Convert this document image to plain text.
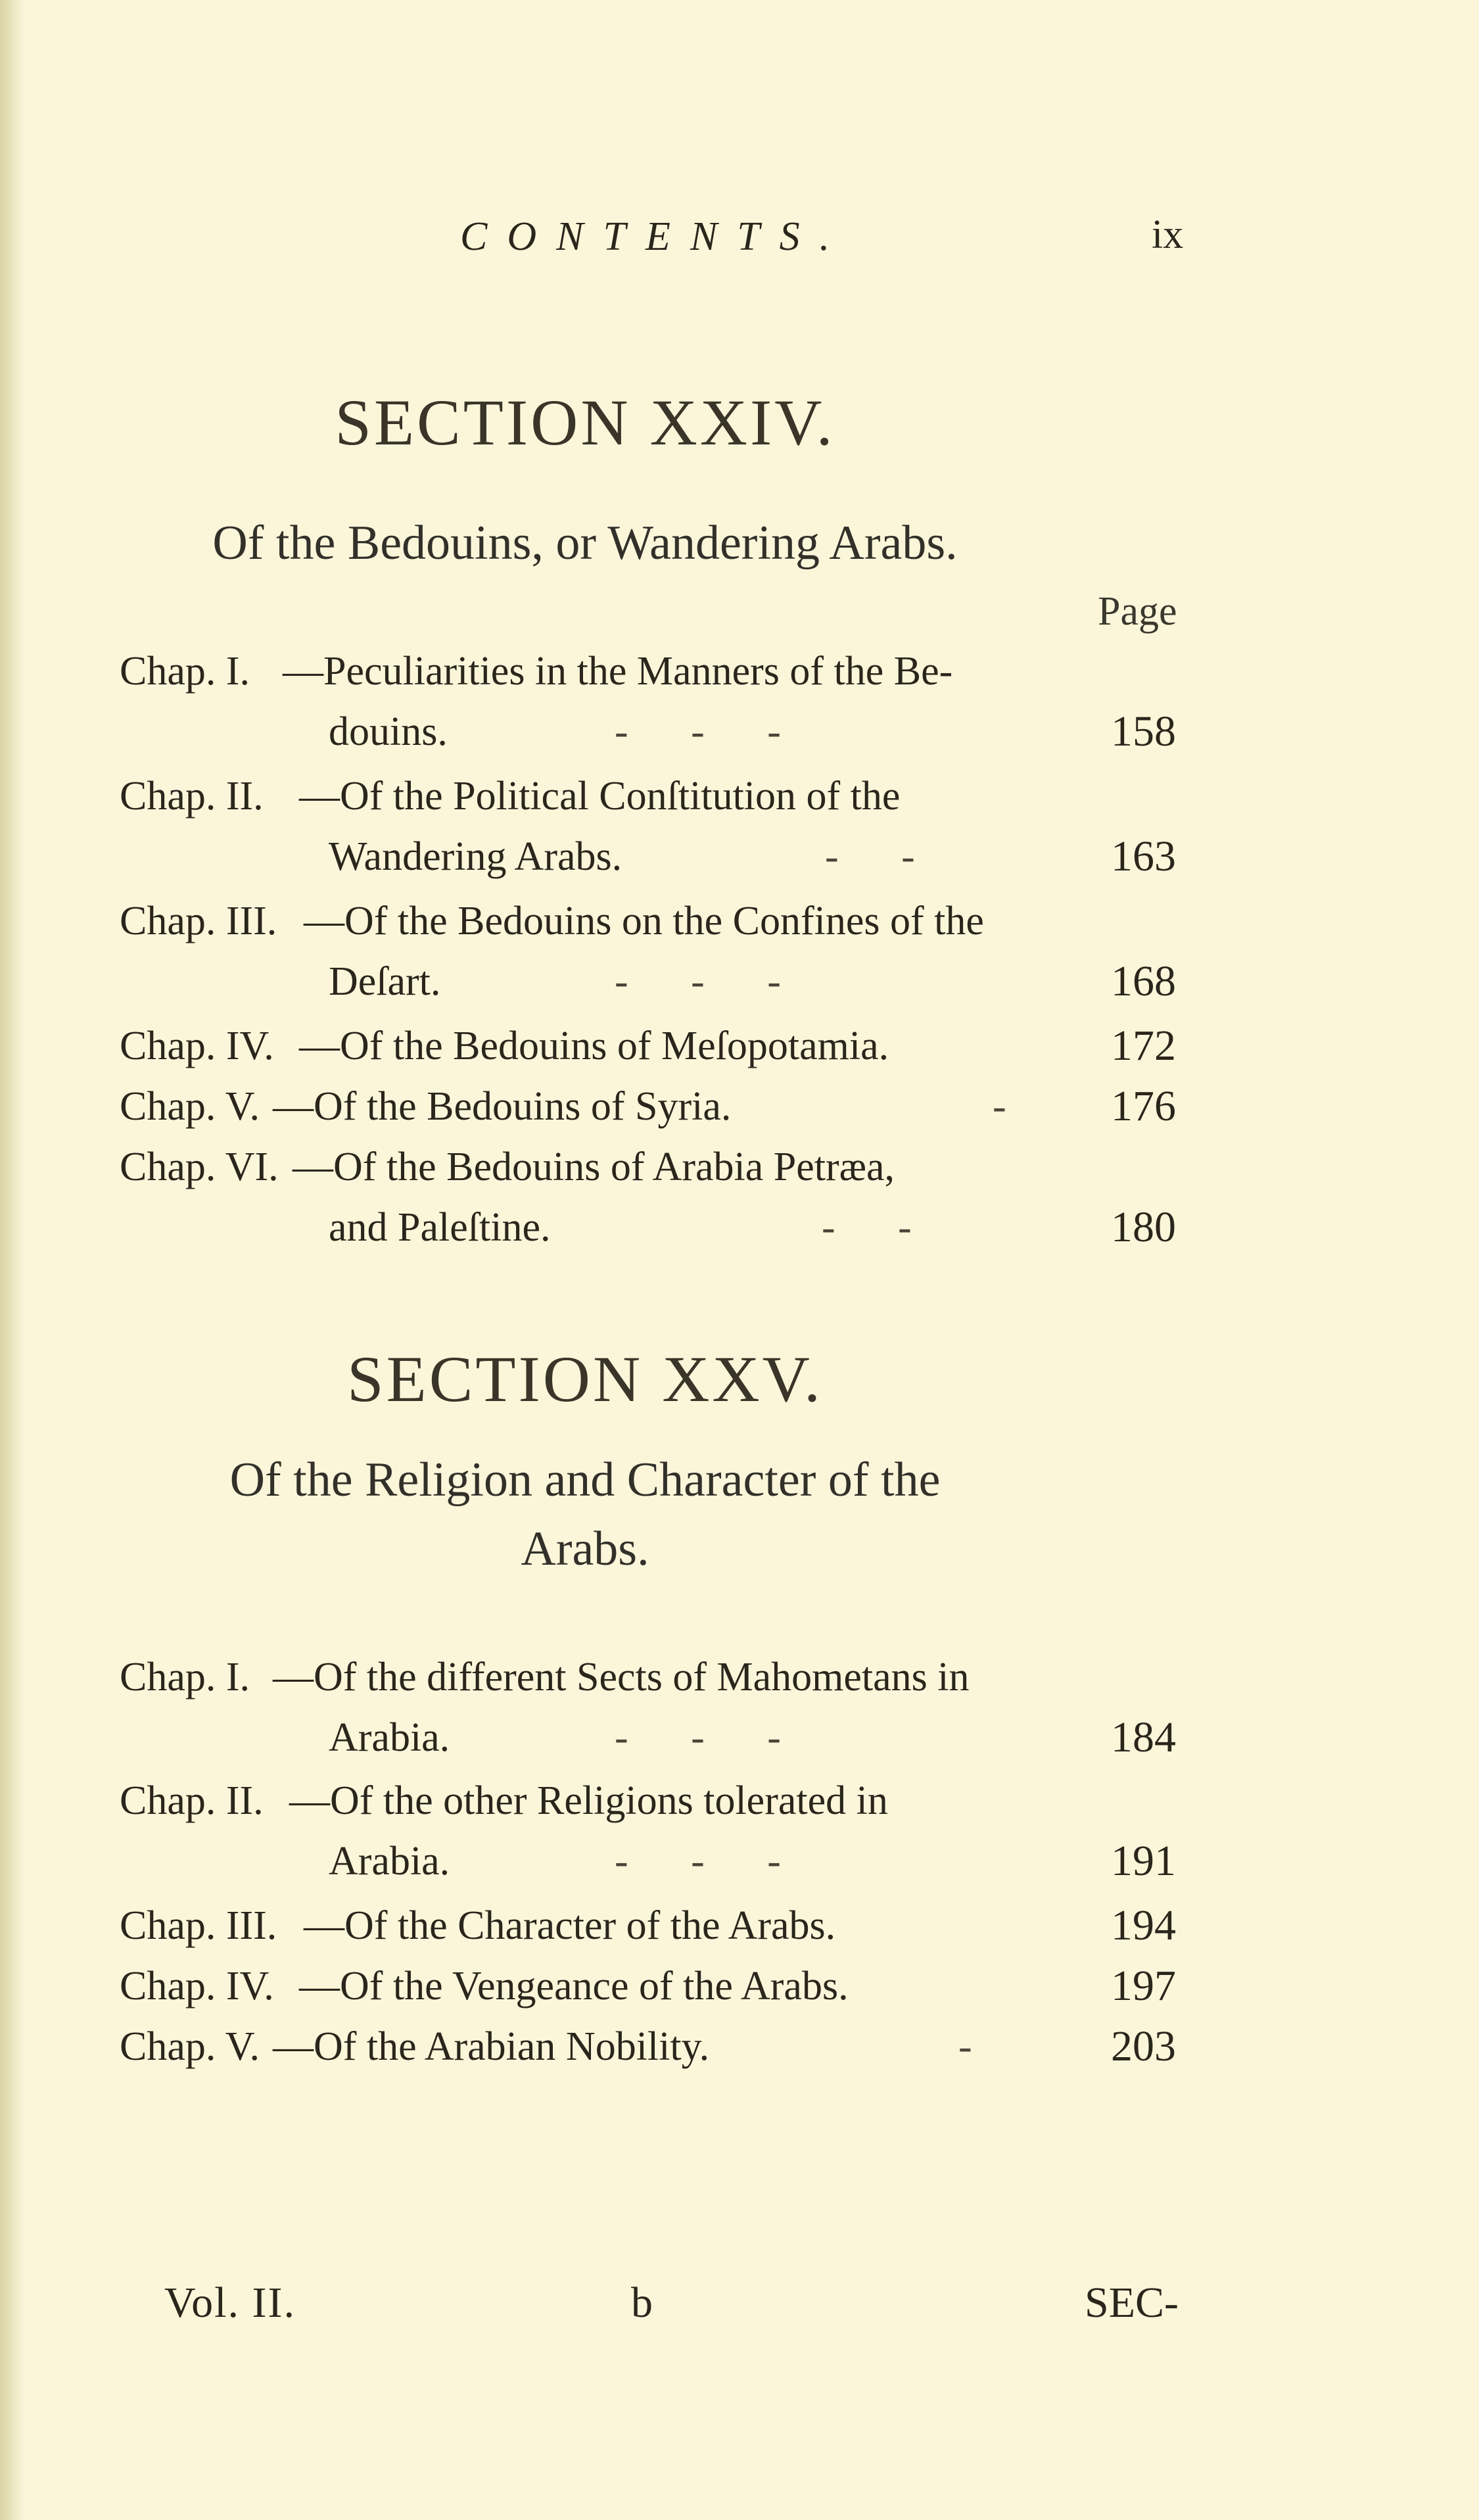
CONTENTS.	ix
SECTION XXIV.
Of the Bedouins, or Wandering Arabs.
Page
Chap. I. —Peculiarities in the Manners of the Be-
douins.	- - -	158
Chap. II. —Of the Political Conſtitution of the
Wandering Arabs.	- -	163
Chap. III. —Of the Bedouins on the Confines of the
Deſart.	- - -	168
Chap. IV. —Of the Bedouins of Meſopotamia.	172
Chap. V. —Of the Bedouins of Syria.	- 176
Chap. VI. —Of the Bedouins of Arabia Petræa,
and Paleſtine.	- -	180
SECTION XXV.
Of the Religion and Character of the
Arabs.
Chap. I. —Of the different Sects of Mahometans in
Arabia.	- - -	184
Chap. II. —Of the other Religions tolerated in
Arabia.	- - -	191
Chap. III. —Of the Character of the Arabs.	194
Chap. IV. —Of the Vengeance of the Arabs.	197
Chap. V. —Of the Arabian Nobility.	-	203
Vol. II.	b	SEC-
